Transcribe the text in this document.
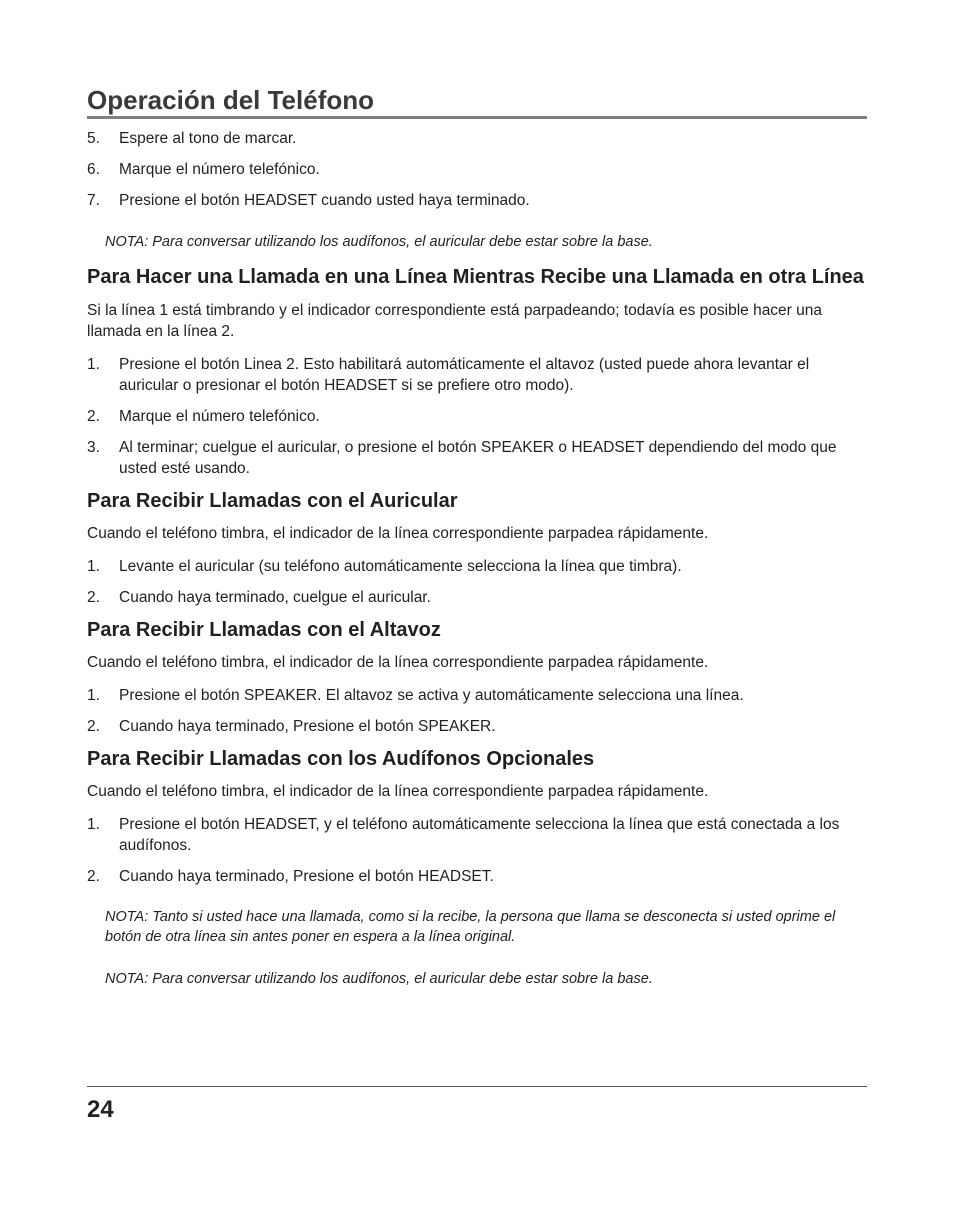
Operación del Teléfono
5. Espere al tono de marcar.
6. Marque el número telefónico.
7. Presione el botón HEADSET cuando usted haya terminado.

NOTA: Para conversar utilizando los audífonos, el auricular debe estar sobre la base.

Para Hacer una Llamada en una Línea Mientras Recibe una Llamada en otra Línea

Si la línea 1 está timbrando y el indicador correspondiente está parpadeando; todavía es posible hacer una llamada en la línea 2.

1. Presione el botón Linea 2. Esto habilitará automáticamente el altavoz (usted puede ahora levantar el auricular o presionar el botón HEADSET si se prefiere otro modo).
2. Marque el número telefónico.
3. Al terminar; cuelgue el auricular, o presione el botón SPEAKER o HEADSET dependiendo del modo que usted esté usando.
Para Recibir Llamadas con el Auricular

Cuando el teléfono timbra, el indicador de la línea correspondiente parpadea rápidamente.

1. Levante el auricular (su teléfono automáticamente selecciona la línea que timbra).
2. Cuando haya terminado, cuelgue el auricular.
Para Recibir Llamadas con el Altavoz

Cuando el teléfono timbra, el indicador de la línea correspondiente parpadea rápidamente.

1. Presione el botón SPEAKER. El altavoz se activa y automáticamente selecciona una línea.
2. Cuando haya terminado, Presione el botón SPEAKER.
Para Recibir Llamadas con los Audífonos Opcionales

Cuando el teléfono timbra, el indicador de la línea correspondiente parpadea rápidamente.

1. Presione el botón HEADSET, y el teléfono automáticamente selecciona la línea que está conectada a los audífonos.
2. Cuando haya terminado, Presione el botón HEADSET.

NOTA: Tanto si usted hace una llamada, como si la recibe, la persona que llama se desconecta si usted oprime el botón de otra línea sin antes poner en espera a la línea original.

NOTA: Para conversar utilizando los audífonos, el auricular debe estar sobre la base.

24
